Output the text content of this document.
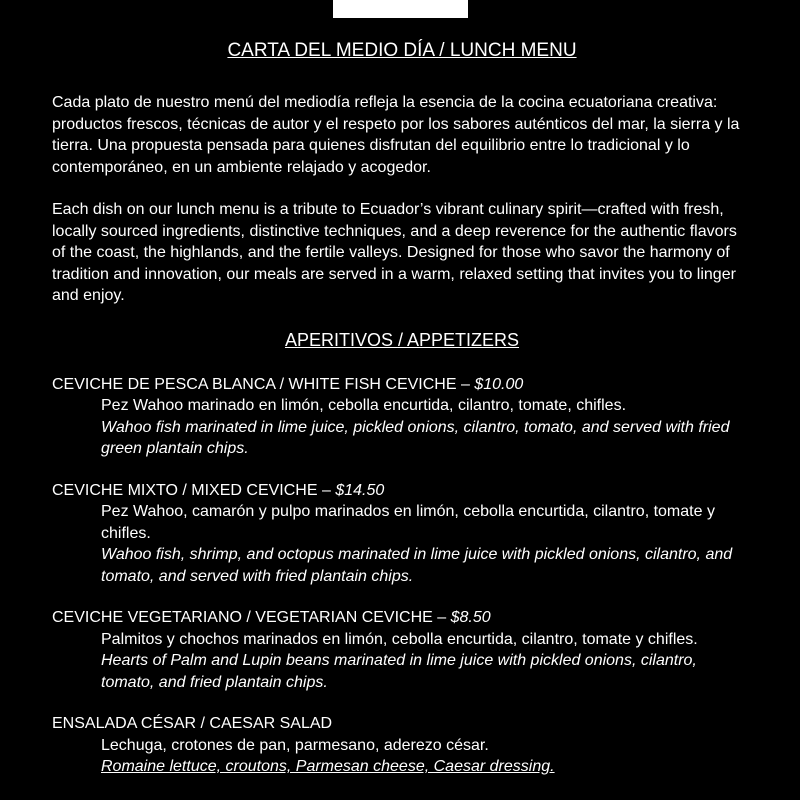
CARTA DEL MEDIO DÍA / LUNCH MENU

Cada plato de nuestro menú del mediodía refleja la esencia de la cocina ecuatoriana creativa: productos frescos, técnicas de autor y el respeto por los sabores auténticos del mar, la sierra y la tierra. Una propuesta pensada para quienes disfrutan del equilibrio entre lo tradicional y lo contemporáneo, en un ambiente relajado y acogedor.

Each dish on our lunch menu is a tribute to Ecuador’s vibrant culinary spirit—crafted with fresh, locally sourced ingredients, distinctive techniques, and a deep reverence for the authentic flavors of the coast, the highlands, and the fertile valleys. Designed for those who savor the harmony of tradition and innovation, our meals are served in a warm, relaxed setting that invites you to linger and enjoy.

APERITIVOS / APPETIZERS
CEVICHE DE PESCA BLANCA / WHITE FISH CEVICHE – $10.00

Pez Wahoo marinado en limón, cebolla encurtida, cilantro, tomate, chifles.

Wahoo fish marinated in lime juice, pickled onions, cilantro, tomato, and served with fried green plantain chips.

CEVICHE MIXTO / MIXED CEVICHE – $14.50

Pez Wahoo, camarón y pulpo marinados en limón, cebolla encurtida, cilantro, tomate y chifles.

Wahoo fish, shrimp, and octopus marinated in lime juice with pickled onions, cilantro, and tomato, and served with fried plantain chips.

CEVICHE VEGETARIANO / VEGETARIAN CEVICHE – $8.50

Palmitos y chochos marinados en limón, cebolla encurtida, cilantro, tomate y chifles.

Hearts of Palm and Lupin beans marinated in lime juice with pickled onions, cilantro, tomato, and fried plantain chips.

ENSALADA CÉSAR / CAESAR SALAD

Lechuga, crotones de pan, parmesano, aderezo césar.

Romaine lettuce, croutons, Parmesan cheese, Caesar dressing.
